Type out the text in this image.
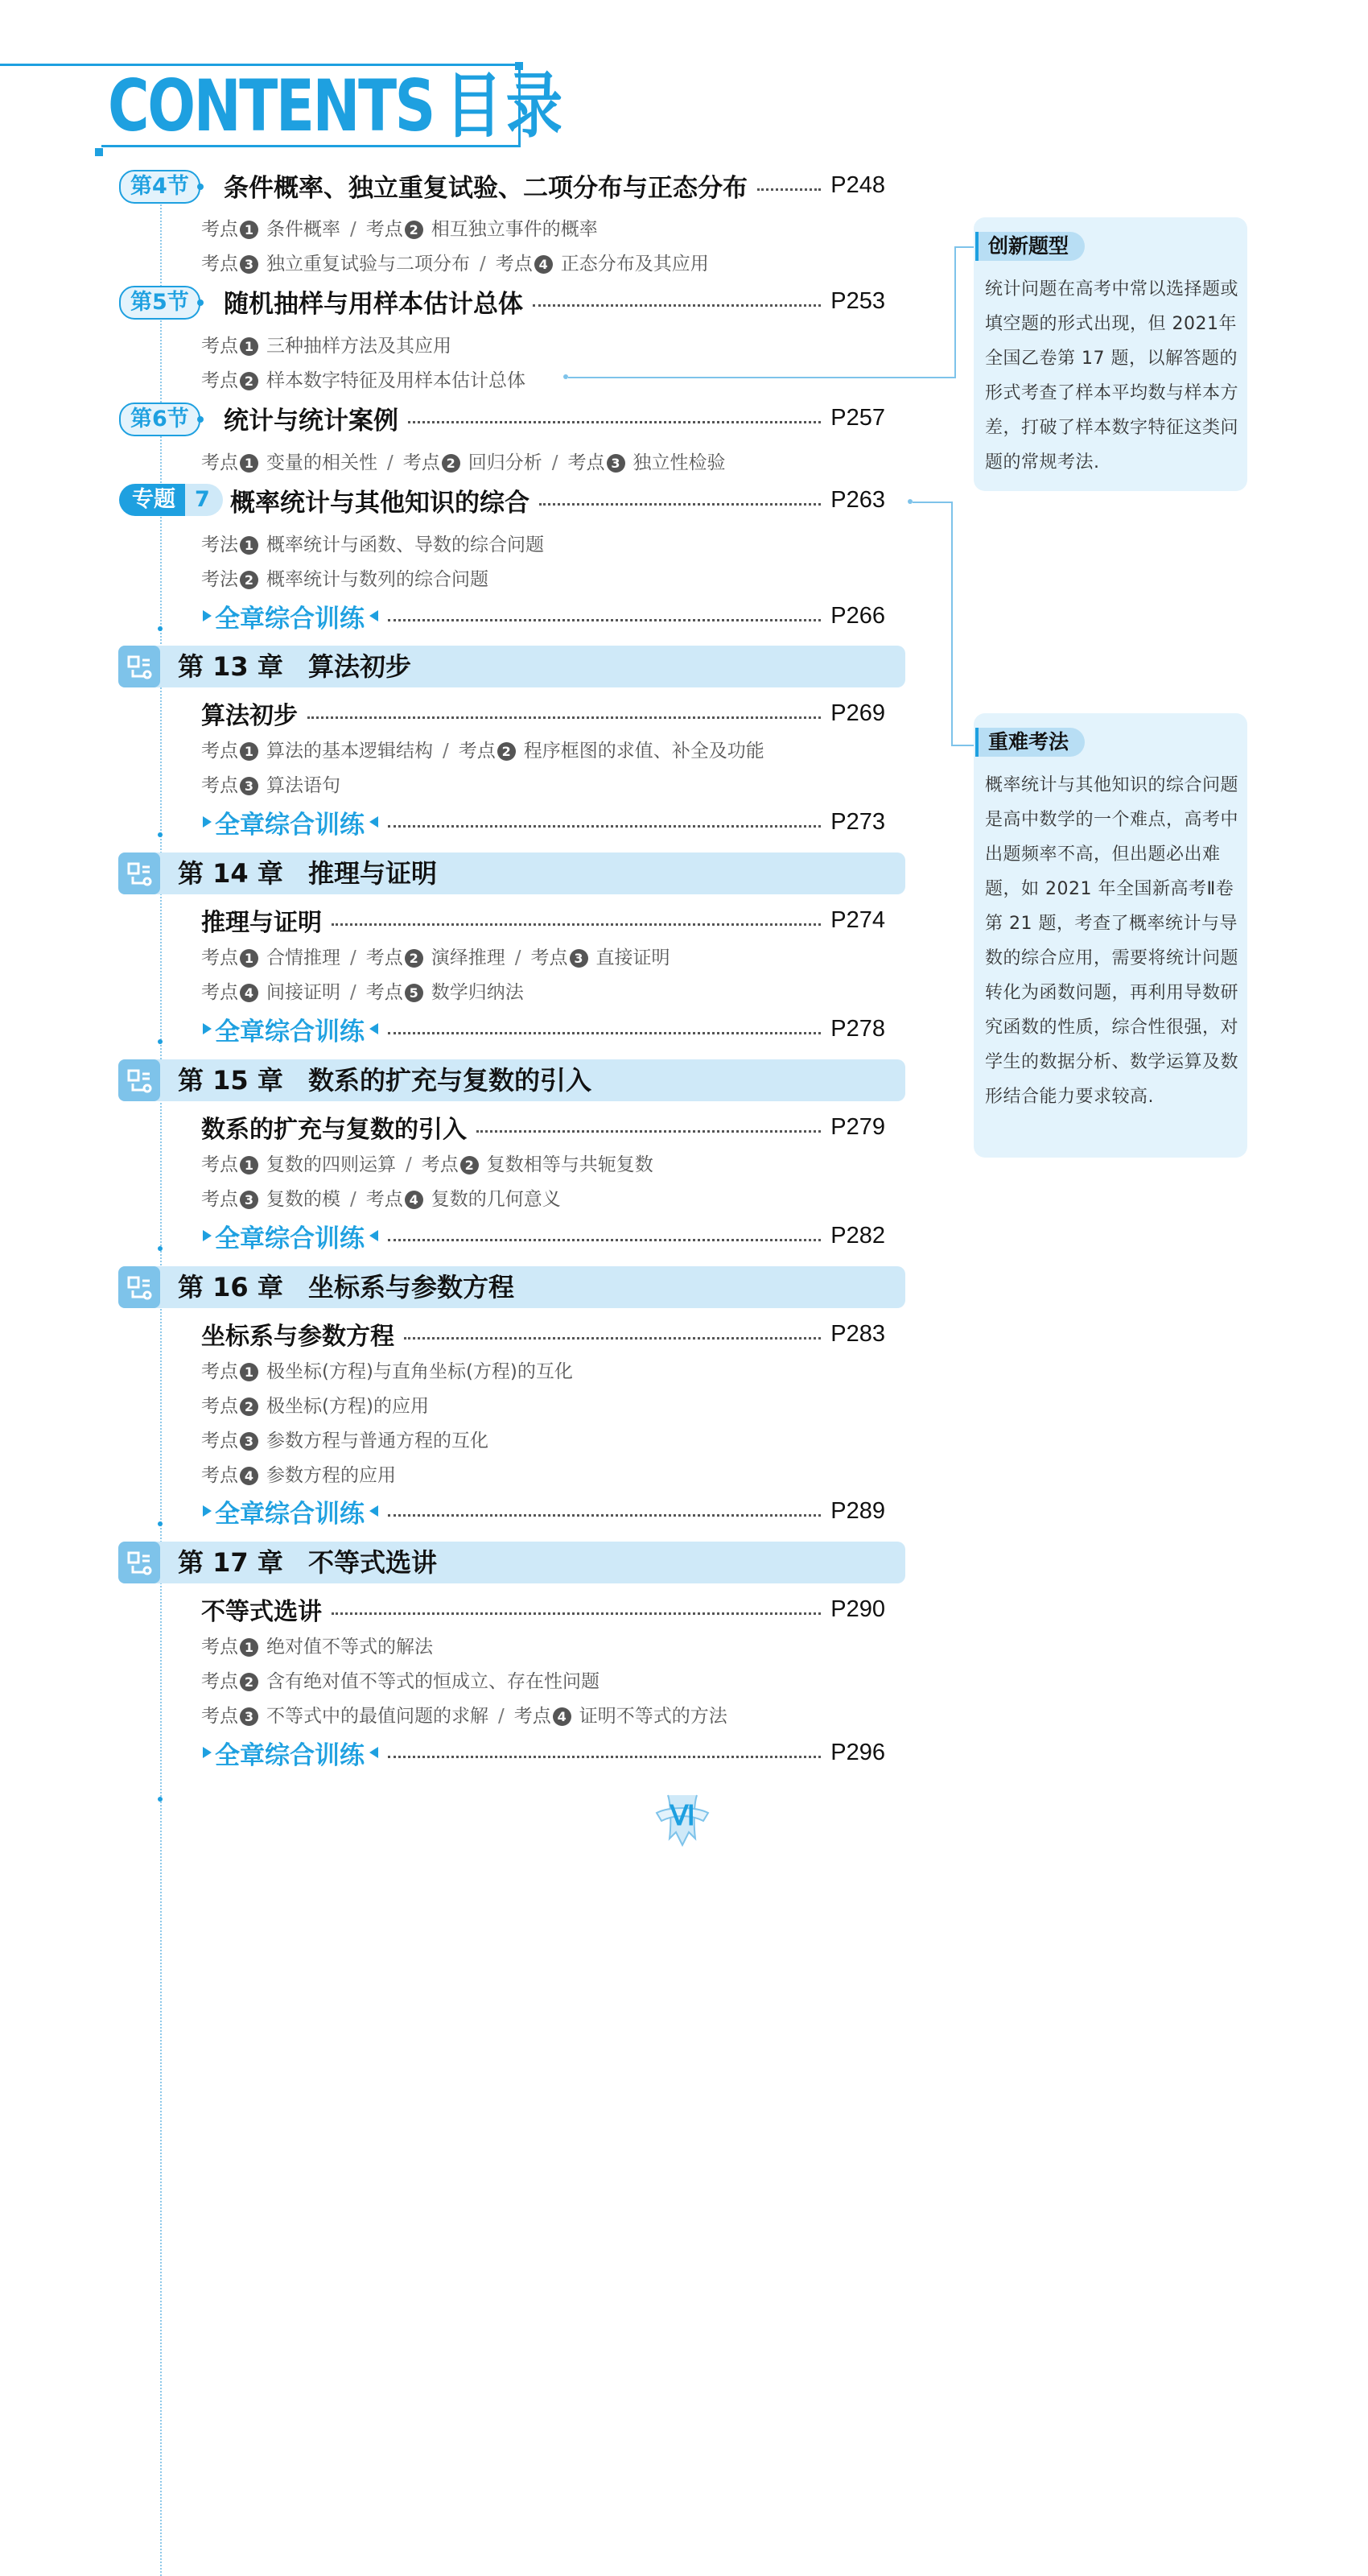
CONTENTS 目录
第4节	条件概率、独立重复试验、二项分布与正态分布	P248
考点 1 条件概率 / 考点 2 相互独立事件的概率
考点 3 独立重复试验与二项分布 / 考点 4 正态分布及其应用
第5节	随机抽样与用样本估计总体	P253
考点 1 三种抽样方法及其应用
考点 2 样本数字特征及用样本估计总体
第6节	统计与统计案例	P257
考点 1 变量的相关性 / 考点 2 回归分析 / 考点 3 独立性检验
专题 7 概率统计与其他知识的综合	P263
考法 1 概率统计与函数、导数的综合问题
考法 2 概率统计与数列的综合问题
全章综合训练	P266
第 13 章 算法初步
算法初步	P269
考点 1 算法的基本逻辑结构 / 考点 2 程序框图的求值、补全及功能
考点 3 算法语句
全章综合训练	P273
第 14 章 推理与证明
推理与证明	P274
考点 1 合情推理 / 考点 2 演绎推理 / 考点 3 直接证明
考点 4 间接证明 / 考点 5 数学归纳法
全章综合训练	P278
第 15 章 数系的扩充与复数的引入
数系的扩充与复数的引入	P279
考点 1 复数的四则运算 / 考点 2 复数相等与共轭复数
考点 3 复数的模 / 考点 4 复数的几何意义
全章综合训练	P282
第 16 章 坐标系与参数方程
坐标系与参数方程	P283
考点 1 极坐标(方程)与直角坐标(方程)的互化
考点 2 极坐标(方程)的应用
考点 3 参数方程与普通方程的互化
考点 4 参数方程的应用
全章综合训练	P289
第 17 章 不等式选讲
不等式选讲	P290
考点 1 绝对值不等式的解法
考点 2 含有绝对值不等式的恒成立、存在性问题
考点 3 不等式中的最值问题的求解 / 考点 4 证明不等式的方法
全章综合训练	P296
创新题型
统计问题在高考中常以选择题或填空题的形式出现，但 2021年全国乙卷第 17 题，以解答题的形式考查了样本平均数与样本方差，打破了样本数字特征这类问题的常规考法.
重难考法
概率统计与其他知识的综合问题是高中数学的一个难点，高考中出题频率不高，但出题必出难题，如 2021 年全国新高考Ⅱ卷第 21 题，考查了概率统计与导数的综合应用，需要将统计问题转化为函数问题，再利用导数研究函数的性质，综合性很强，对学生的数据分析、数学运算及数形结合能力要求较高.
Ⅵ
